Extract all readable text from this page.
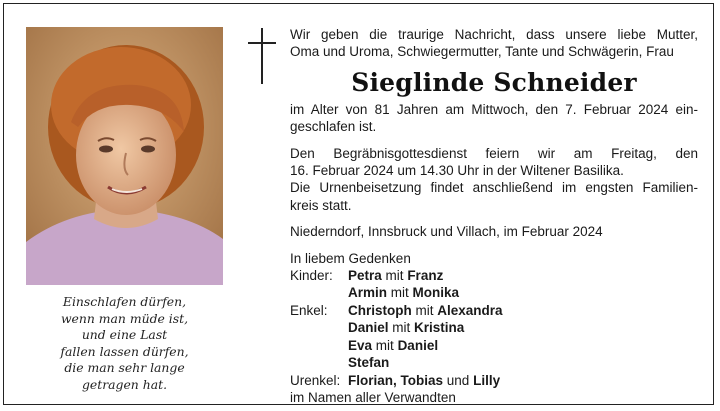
Einschlafen dürfen,
wenn man müde ist,
und eine Last
fallen lassen dürfen,
die man sehr lange
getragen hat.
Wir geben die traurige Nachricht, dass unsere liebe Mutter,
Oma und Uroma, Schwiegermutter, Tante und Schwägerin, Frau
Sieglinde Schneider
im Alter von 81 Jahren am Mittwoch, den 7. Februar 2024 ein-
geschlafen ist.
Den Begräbnisgottesdienst feiern wir am Freitag, den
16. Februar 2024 um 14.30 Uhr in der Wiltener Basilika.
Die Urnenbeisetzung findet anschließend im engsten Familien-
kreis statt.
Niederndorf, Innsbruck und Villach, im Februar 2024
In liebem Gedenken
Kinder:	Petra mit Franz
Armin mit Monika
Enkel:	Christoph mit Alexandra
Daniel mit Kristina
Eva mit Daniel
Stefan
Urenkel: Florian, Tobias und Lilly
im Namen aller Verwandten
